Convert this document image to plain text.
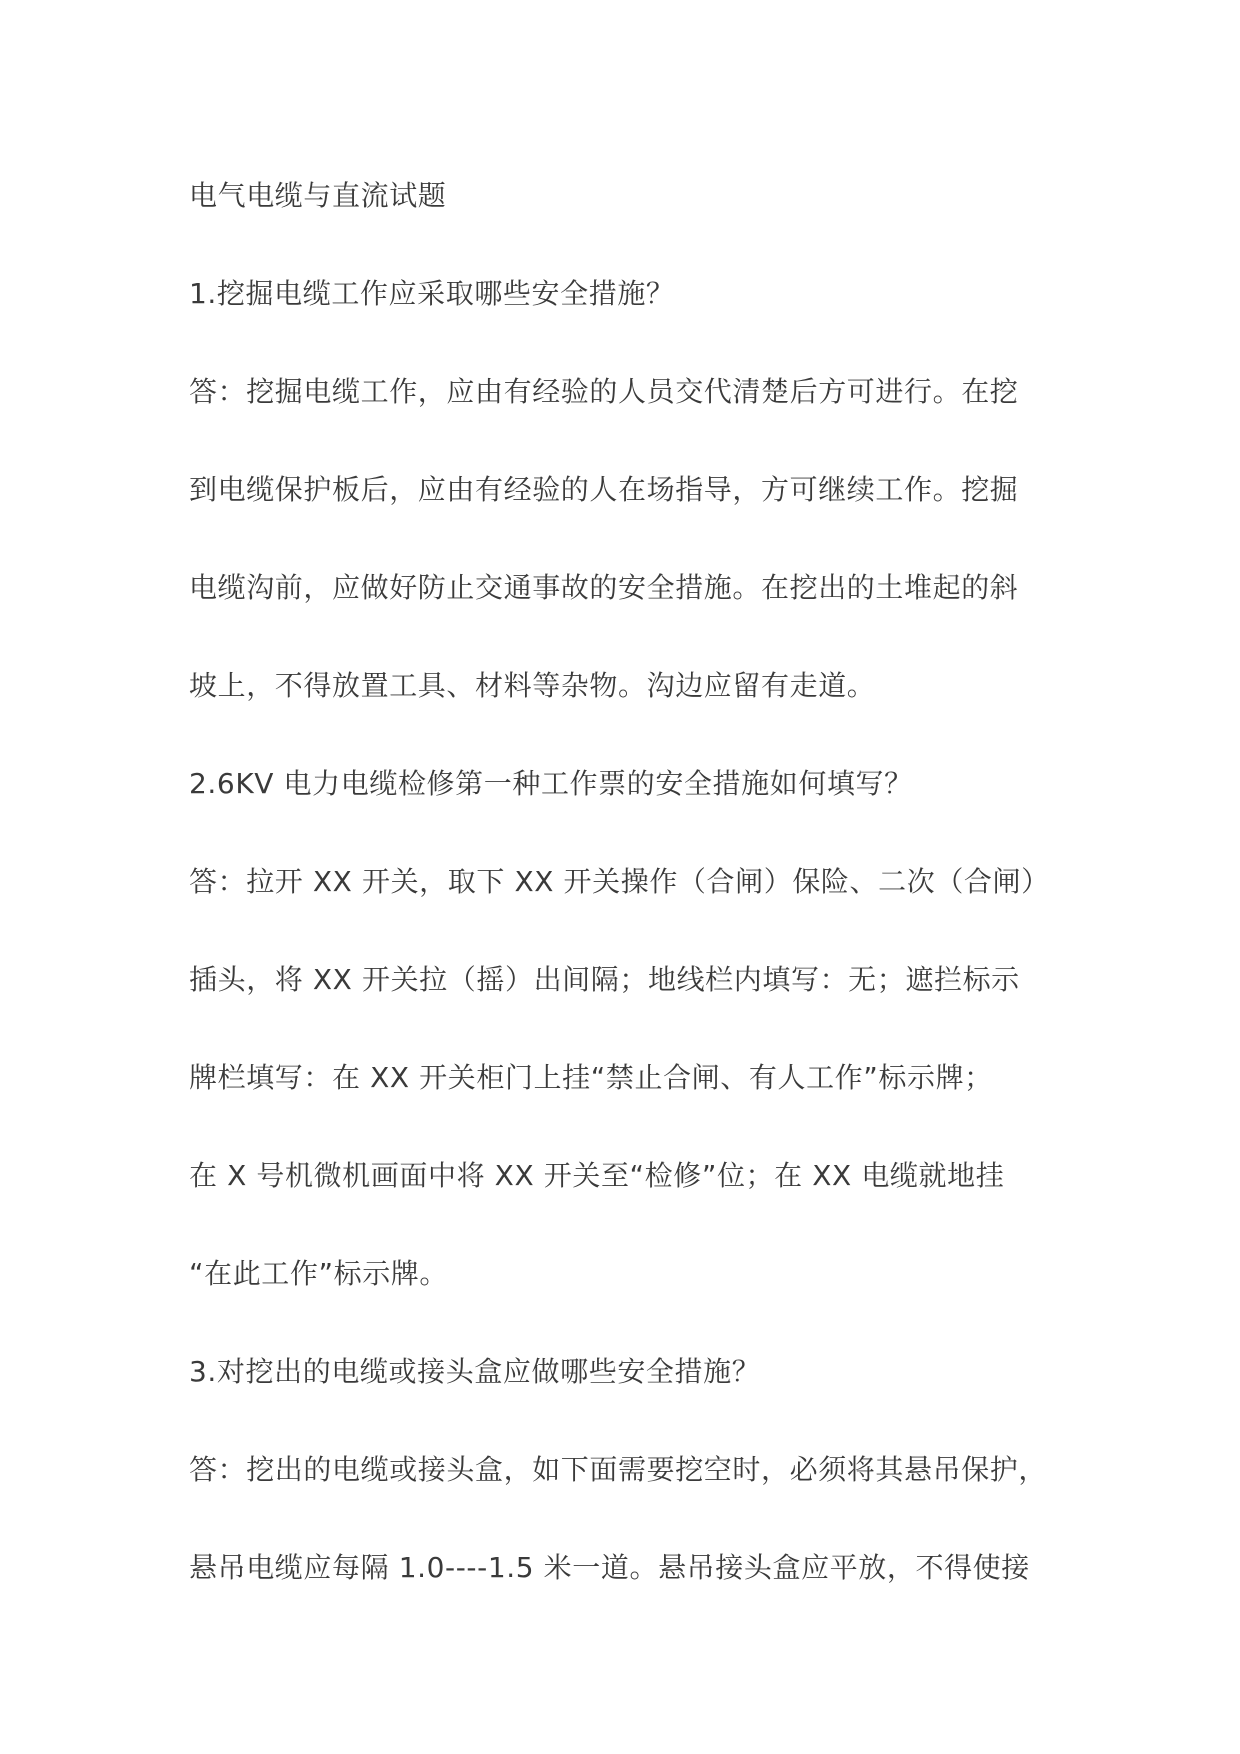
电气电缆与直流试题
1.挖掘电缆工作应采取哪些安全措施？
答：挖掘电缆工作，应由有经验的人员交代清楚后方可进行。在挖
到电缆保护板后，应由有经验的人在场指导，方可继续工作。挖掘
电缆沟前，应做好防止交通事故的安全措施。在挖出的土堆起的斜
坡上，不得放置工具、材料等杂物。沟边应留有走道。
2.6KV 电力电缆检修第一种工作票的安全措施如何填写？
答：拉开 XX 开关，取下 XX 开关操作（合闸）保险、二次（合闸）
插头，将 XX 开关拉（摇）出间隔；地线栏内填写：无；遮拦标示
牌栏填写：在 XX 开关柜门上挂“禁止合闸、有人工作”标示牌；
在 X 号机微机画面中将 XX 开关至“检修”位；在 XX 电缆就地挂
“在此工作”标示牌。
3.对挖出的电缆或接头盒应做哪些安全措施？
答：挖出的电缆或接头盒，如下面需要挖空时，必须将其悬吊保护，
悬吊电缆应每隔 1.0----1.5 米一道。悬吊接头盒应平放，不得使接
